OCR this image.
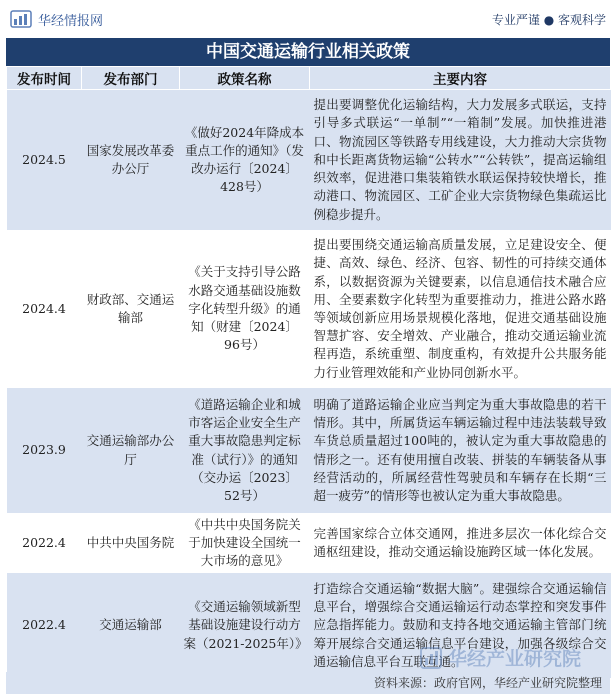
华经情报网	专业严谨 ● 客观科学
中国交通运输行业相关政策
发布时间	发布部门	政策名称	主要内容
2024.5	国家发展改革委办公厅	《做好2024年降成本重点工作的通知》（发改办运行〔2024〕428号）	提出要调整优化运输结构，大力发展多式联运，支持引导多式联运“一单制”“一箱制”发展。加快推进港口、物流园区等铁路专用线建设，大力推动大宗货物和中长距离货物运输“公转水”“公转铁”，提高运输组织效率，促进港口集装箱铁水联运保持较快增长，推动港口、物流园区、工矿企业大宗货物绿色集疏运比例稳步提升。
2024.4	财政部、交通运输部	《关于支持引导公路水路交通基础设施数字化转型升级》的通知（财建〔2024〕96号）	提出要围绕交通运输高质量发展，立足建设安全、便捷、高效、绿色、经济、包容、韧性的可持续交通体系，以数据资源为关键要素，以信息通信技术融合应用、全要素数字化转型为重要推动力，推进公路水路等领域创新应用场景规模化落地，促进交通基础设施智慧扩容、安全增效、产业融合，推动交通运输业流程再造，系统重塑、制度重构，有效提升公共服务能力行业管理效能和产业协同创新水平。
2023.9	交通运输部办公厅	《道路运输企业和城市客运企业安全生产重大事故隐患判定标准（试行）》的通知（交办运〔2023〕52号）	明确了道路运输企业应当判定为重大事故隐患的若干情形。其中，所属货运车辆运输过程中违法装载导致车货总质量超过100吨的，被认定为重大事故隐患的情形之一。还有使用擅自改装、拼装的车辆装备从事经营活动的，所属经营性驾驶员和车辆存在长期“三超一疲劳”的情形等也被认定为重大事故隐患。
2022.4	中共中央国务院	《中共中央国务院关于加快建设全国统一大市场的意见》	完善国家综合立体交通网，推进多层次一体化综合交通枢纽建设，推动交通运输设施跨区域一体化发展。
2022.4	交通运输部	《交通运输领域新型基础设施建设行动方案（2021-2025年）》	打造综合交通运输“数据大脑”。建强综合交通运输信息平台，增强综合交通运输运行动态掌控和突发事件应急指挥能力。鼓励和支持各地交通运输主管部门统筹开展综合交通运输信息平台建设，加强各级综合交通运输信息平台互联互通。
华经产业研究院
资料来源：政府官网，华经产业研究院整理
